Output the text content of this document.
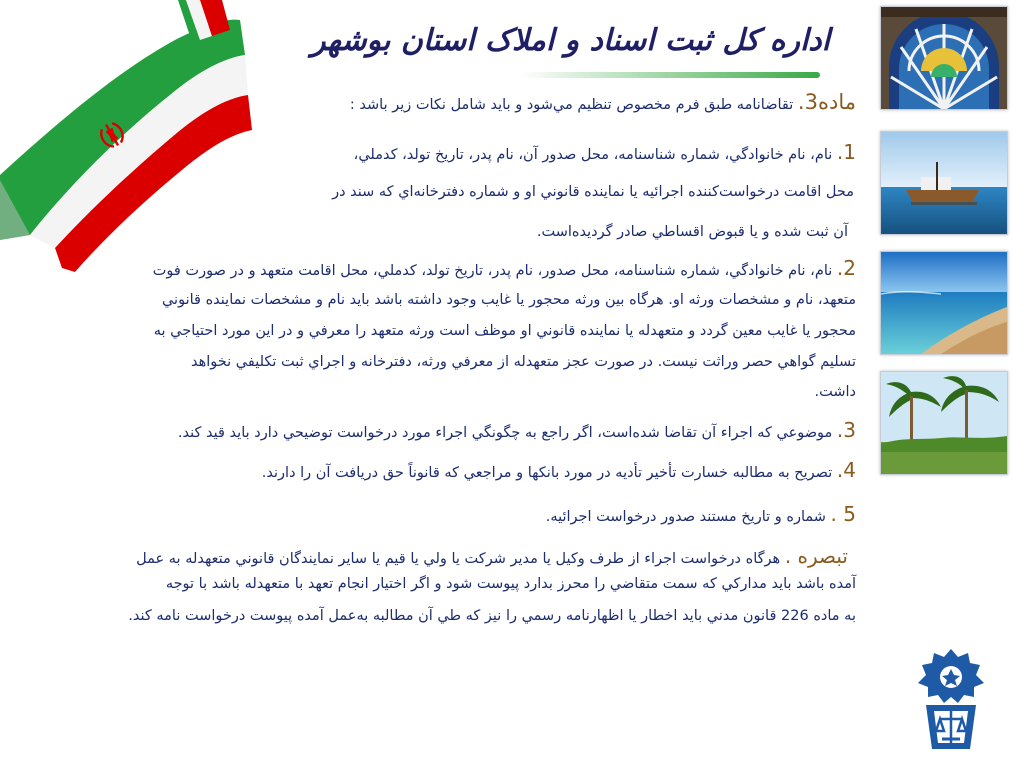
اداره کل ثبت اسناد و املاک استان بوشهر
ماده3. تقاضانامه طبق فرم مخصوص تنظيم مي‌شود و بايد شامل نكات زير باشد :
1. نام، نام خانوادگي، شماره شناسنامه، محل صدور آن، نام پدر، تاريخ تولد، كدملي،
محل اقامت درخواست‌كننده اجرائيه يا نماينده قانوني او و شماره دفترخانه‌اي كه سند در
آن ثبت شده و يا قبوض اقساطي صادر گرديده‌است.
2. نام، نام خانوادگي، شماره شناسنامه، محل صدور، نام پدر، تاريخ تولد، كدملي، محل اقامت متعهد و در صورت فوت
متعهد، نام و مشخصات ورثه او. هرگاه بين ورثه محجور يا غايب وجود داشته باشد بايد نام و مشخصات نماينده قانوني
محجور يا غايب معين گردد و متعهدله يا نماينده قانوني او موظف است ورثه متعهد را معرفي و در اين مورد احتياجي به
تسليم گواهي حصر وراثت نيست. در صورت عجز متعهدله از معرفي ورثه، دفترخانه و اجراي ثبت تكليفي نخواهد
داشت.
3. موضوعي كه اجراء آن تقاضا شده‌است، اگر راجع به چگونگي اجراء مورد درخواست توضيحي دارد بايد قيد كند.
4. تصريح به مطالبه خسارت تأخير تأديه در مورد بانكها و مراجعي كه قانوناً حق دريافت آن را دارند.
5 . شماره و تاريخ مستند صدور درخواست اجرائيه.
تبصره . هرگاه درخواست اجراء از طرف وكيل يا مدير شركت يا ولي يا قيم يا ساير نمايندگان قانوني متعهدله به عمل
آمده باشد بايد مداركي كه سمت متقاضي را محرز بدارد پيوست شود و اگر اختيار انجام تعهد با متعهدله باشد با توجه
به ماده 226 قانون مدني بايد اخطار يا اظهارنامه رسمي را نيز كه طي آن مطالبه به‌عمل آمده پيوست درخواست نامه كند.
